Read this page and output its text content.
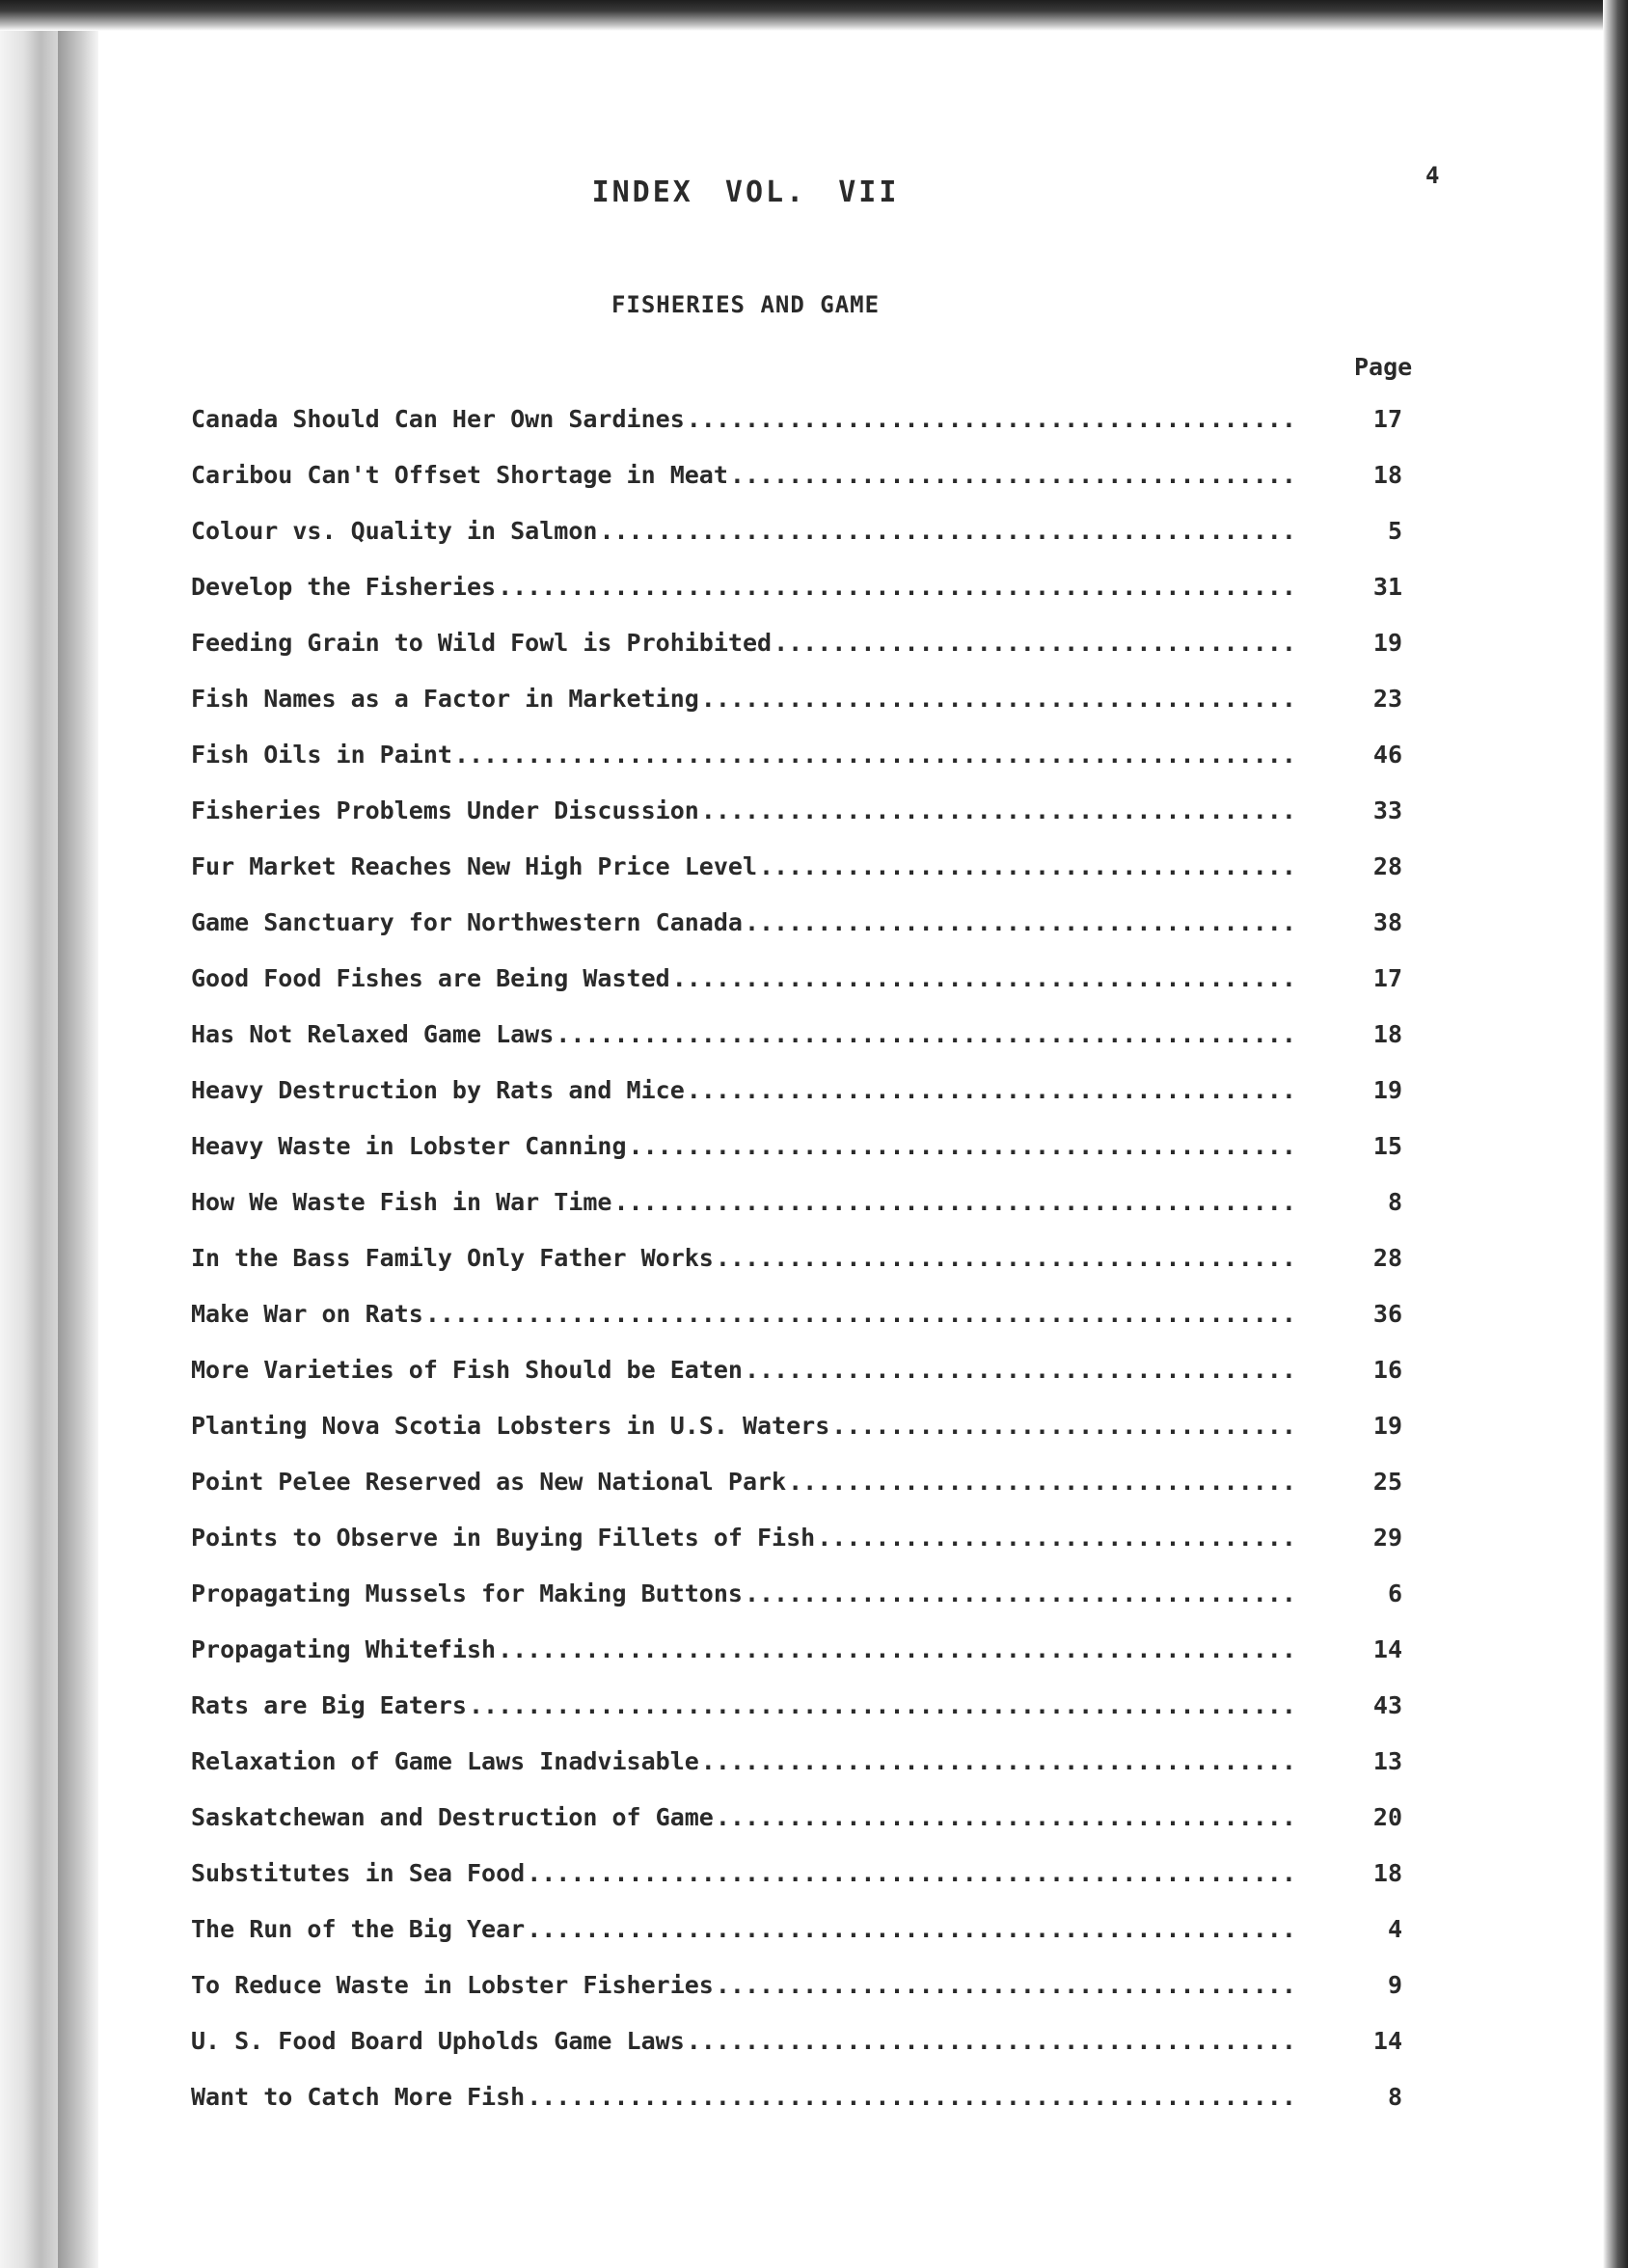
4
INDEX VOL. VII
FISHERIES AND GAME
Page
Canada Should Can Her Own Sardines .....	17
Caribou Can't Offset Shortage in Meat .....	18
Colour vs. Quality in Salmon .....	5
Develop the Fisheries .....	31
Feeding Grain to Wild Fowl is Prohibited .....	19
Fish Names as a Factor in Marketing .....	23
Fish Oils in Paint .....	46
Fisheries Problems Under Discussion .....	33
Fur Market Reaches New High Price Level .....	28
Game Sanctuary for Northwestern Canada .....	38
Good Food Fishes are Being Wasted .....	17
Has Not Relaxed Game Laws .....	18
Heavy Destruction by Rats and Mice .....	19
Heavy Waste in Lobster Canning .....	15
How We Waste Fish in War Time .....	8
In the Bass Family Only Father Works .....	28
Make War on Rats .....	36
More Varieties of Fish Should be Eaten .....	16
Planting Nova Scotia Lobsters in U.S. Waters .....	19
Point Pelee Reserved as New National Park .....	25
Points to Observe in Buying Fillets of Fish .....	29
Propagating Mussels for Making Buttons .....	6
Propagating Whitefish .....	14
Rats are Big Eaters .....	43
Relaxation of Game Laws Inadvisable .....	13
Saskatchewan and Destruction of Game .....	20
Substitutes in Sea Food .....	18
The Run of the Big Year .....	4
To Reduce Waste in Lobster Fisheries .....	9
U. S. Food Board Upholds Game Laws .....	14
Want to Catch More Fish .....	8
